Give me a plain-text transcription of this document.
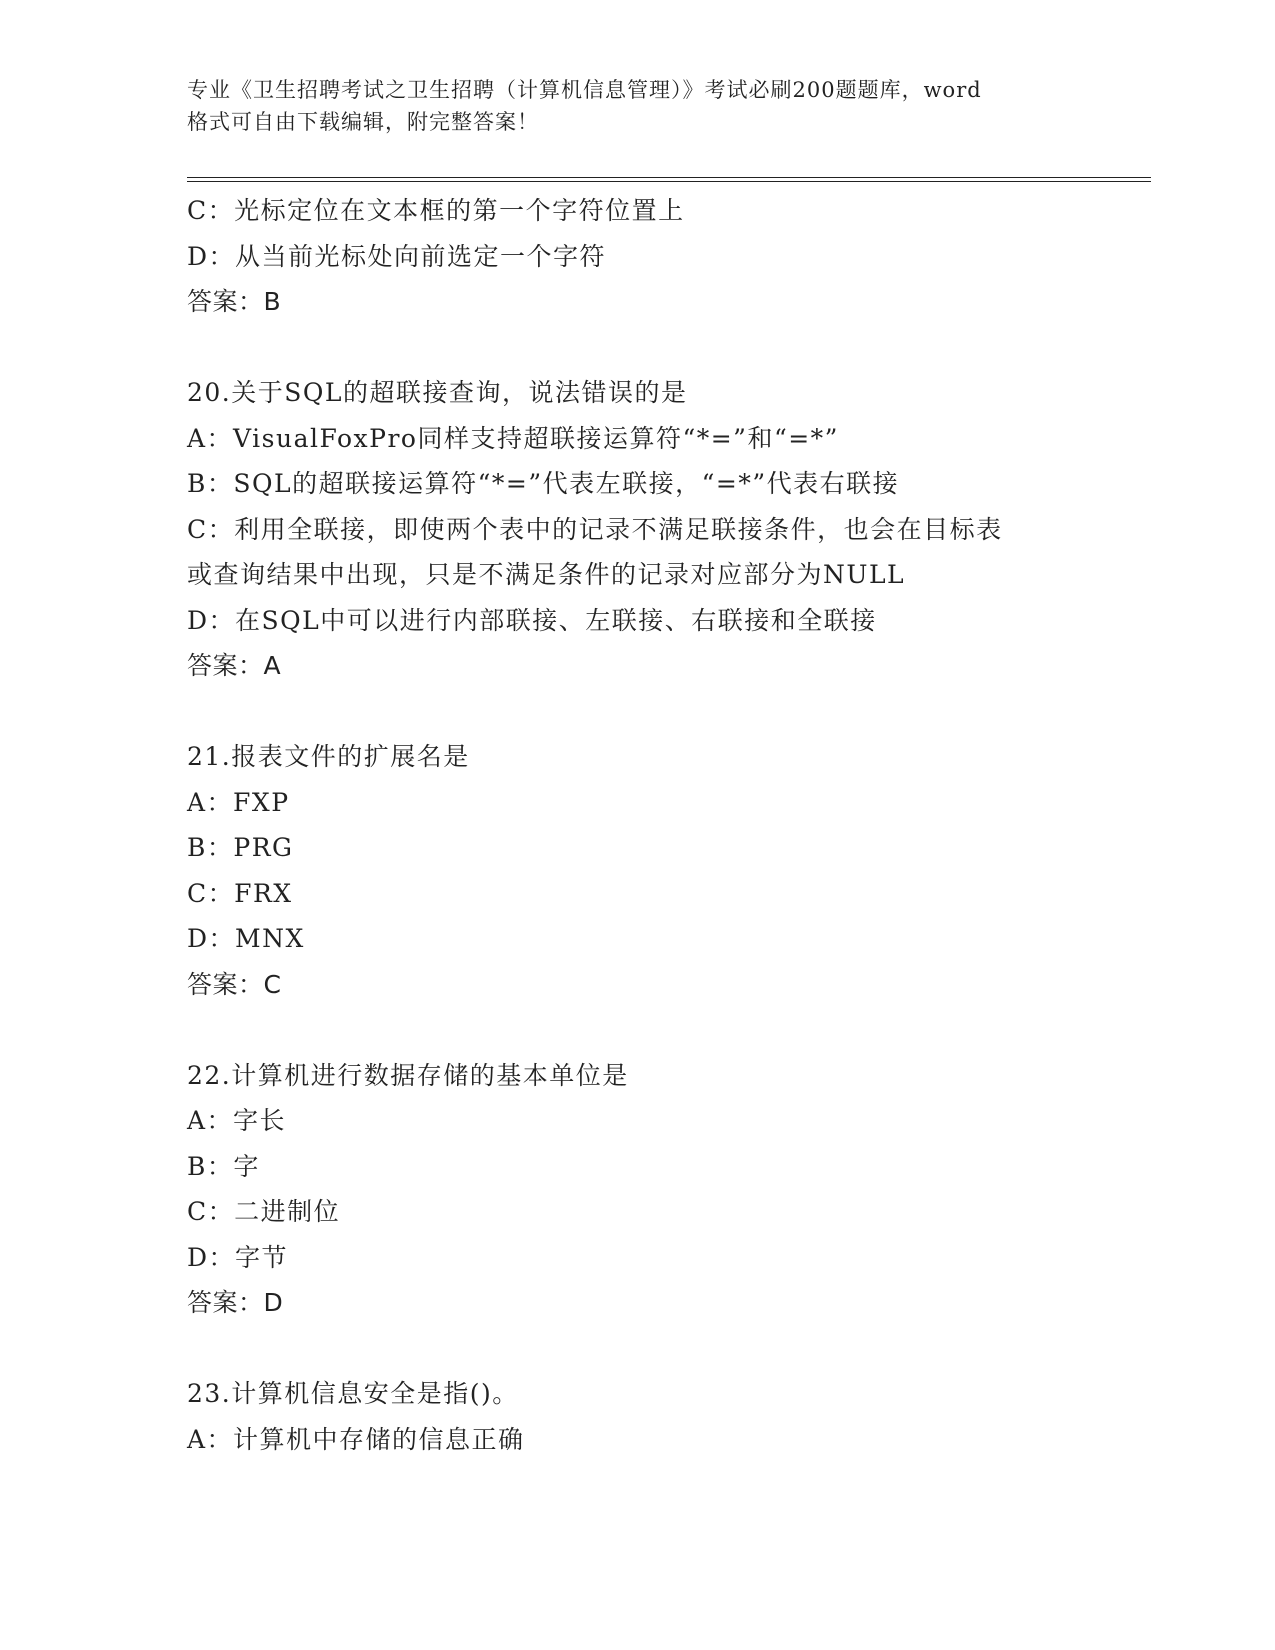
专业《卫生招聘考试之卫生招聘（计算机信息管理）》考试必刷200题题库，word
格式可自由下载编辑，附完整答案！
C：光标定位在文本框的第一个字符位置上
D：从当前光标处向前选定一个字符
答案：B
20.关于SQL的超联接查询，说法错误的是
A：VisualFoxPro同样支持超联接运算符“*=”和“=*”
B：SQL的超联接运算符“*=”代表左联接，“=*”代表右联接
C：利用全联接，即使两个表中的记录不满足联接条件，也会在目标表
或查询结果中出现，只是不满足条件的记录对应部分为NULL
D：在SQL中可以进行内部联接、左联接、右联接和全联接
答案：A
21.报表文件的扩展名是
A：FXP
B：PRG
C：FRX
D：MNX
答案：C
22.计算机进行数据存储的基本单位是
A：字长
B：字
C：二进制位
D：字节
答案：D
23.计算机信息安全是指()。
A：计算机中存储的信息正确
